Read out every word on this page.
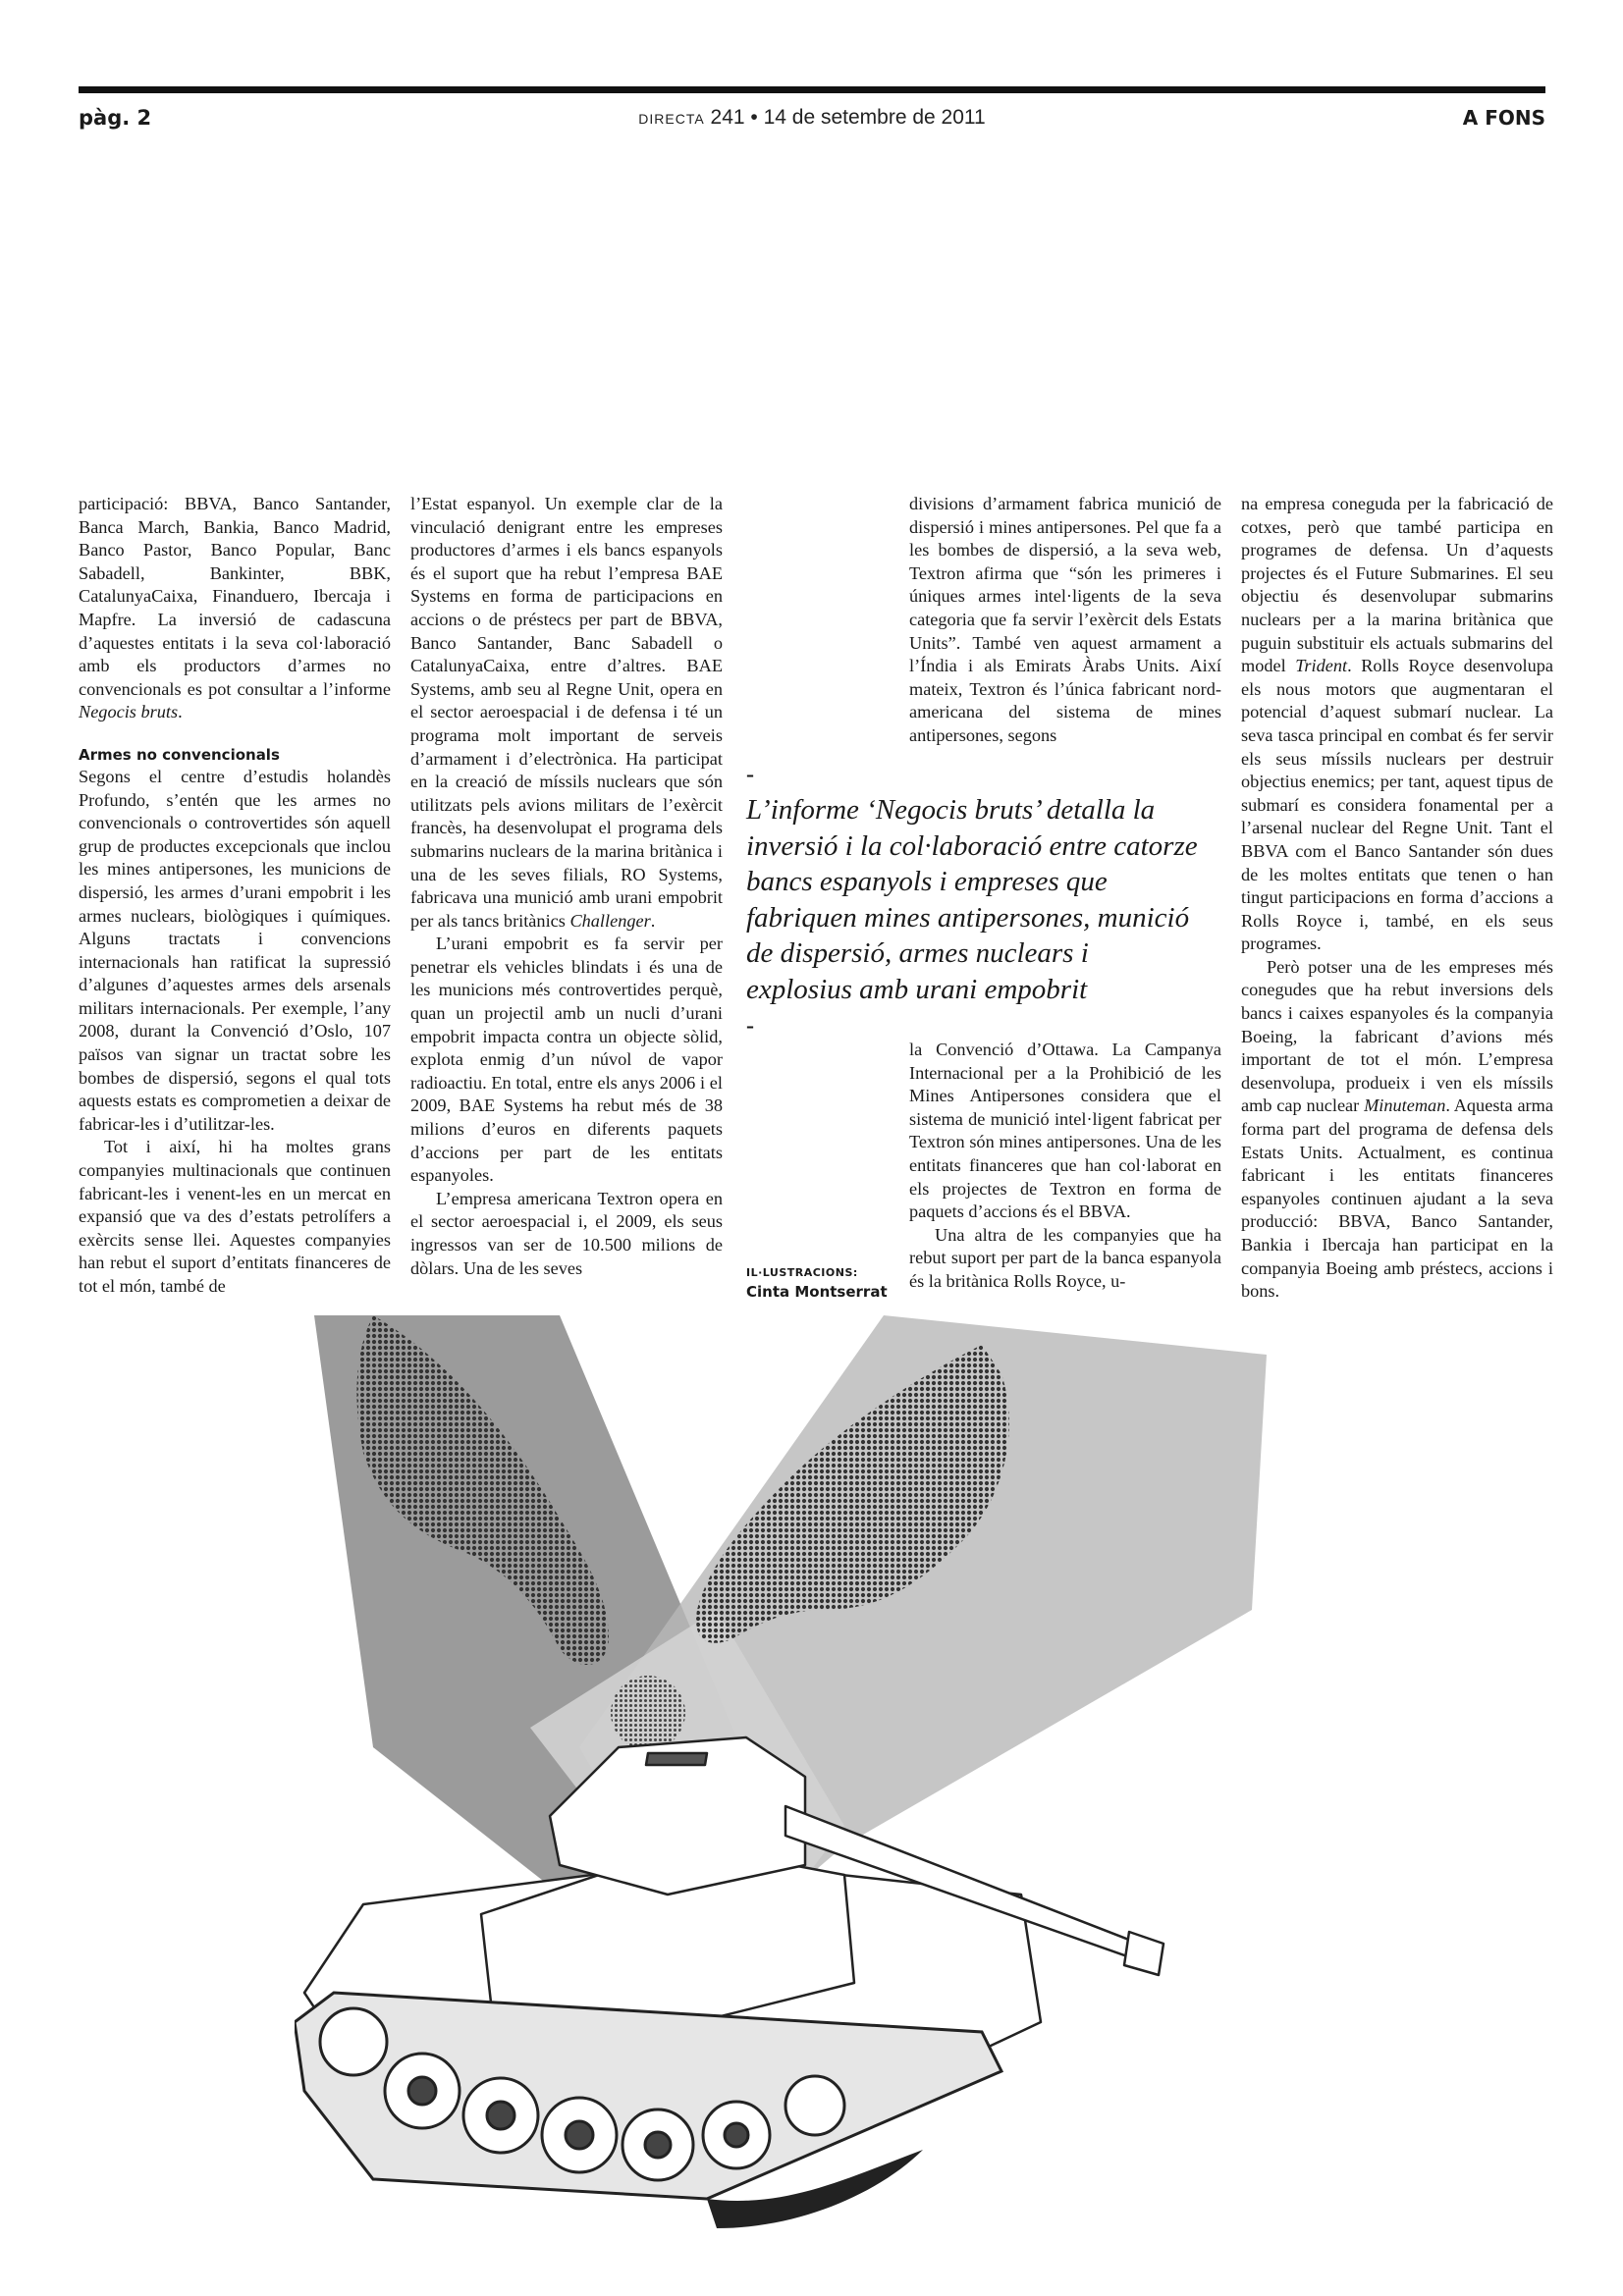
pàg. 2	DIRECTA 241 • 14 de setembre de 2011	A FONS

participació: BBVA, Banco Santander, Banca March, Bankia, Banco Madrid, Banco Pastor, Banco Popular, Banc Sabadell, Bankinter, BBK, CatalunyaCaixa, Finanduero, Ibercaja i Mapfre. La inversió de cadascuna d’aquestes entitats i la seva col·laboració amb els productors d’armes no convencionals es pot consultar a l’informe Negocis bruts.

Armes no convencionals

Segons el centre d’estudis holandès Profundo, s’entén que les armes no convencionals o controvertides són aquell grup de productes excepcionals que inclou les mines antipersones, les municions de dispersió, les armes d’urani empobrit i les armes nuclears, biològiques i químiques. Alguns tractats i convencions internacionals han ratificat la supressió d’algunes d’aquestes armes dels arsenals militars internacionals. Per exemple, l’any 2008, durant la Convenció d’Oslo, 107 països van signar un tractat sobre les bombes de dispersió, segons el qual tots aquests estats es comprometien a deixar de fabricar-les i d’utilitzar-les.

Tot i així, hi ha moltes grans companyies multinacionals que continuen fabricant-les i venent-les en un mercat en expansió que va des d’estats petrolífers a exèrcits sense llei. Aquestes companyies han rebut el suport d’entitats financeres de tot el món, també de

l’Estat espanyol. Un exemple clar de la vinculació denigrant entre les empreses productores d’armes i els bancs espanyols és el suport que ha rebut l’empresa BAE Systems en forma de participacions en accions o de préstecs per part de BBVA, Banco Santander, Banc Sabadell o CatalunyaCaixa, entre d’altres. BAE Systems, amb seu al Regne Unit, opera en el sector aeroespacial i de defensa i té un programa molt important de serveis d’armament i d’electrònica. Ha participat en la creació de míssils nuclears que són utilitzats pels avions militars de l’exèrcit francès, ha desenvolupat el programa dels submarins nuclears de la marina britànica i una de les seves filials, RO Systems, fabricava una munició amb urani empobrit per als tancs britànics Challenger.

L’urani empobrit es fa servir per penetrar els vehicles blindats i és una de les municions més controvertides perquè, quan un projectil amb un nucli d’urani empobrit impacta contra un objecte sòlid, explota enmig d’un núvol de vapor radioactiu. En total, entre els anys 2006 i el 2009, BAE Systems ha rebut més de 38 milions d’euros en diferents paquets d’accions per part de les entitats espanyoles.

L’empresa americana Textron opera en el sector aeroespacial i, el 2009, els seus ingressos van ser de 10.500 milions de dòlars. Una de les seves

divisions d’armament fabrica munició de dispersió i mines antipersones. Pel que fa a les bombes de dispersió, a la seva web, Textron afirma que “són les primeres i úniques armes intel·ligents de la seva categoria que fa servir l’exèrcit dels Estats Units”. També ven aquest armament a l’Índia i als Emirats Àrabs Units. Així mateix, Textron és l’única fabricant nord-americana del sistema de mines antipersones, segons

–
L’informe ‘Negocis bruts’ detalla la inversió i la col·laboració entre catorze bancs espanyols i empreses que fabriquen mines antipersones, munició de dispersió, armes nuclears i explosius amb urani empobrit
–

la Convenció d’Ottawa. La Campanya Internacional per a la Prohibició de les Mines Antipersones considera que el sistema de munició intel·ligent fabricat per Textron són mines antipersones. Una de les entitats financeres que han col·laborat en els projectes de Textron en forma de paquets d’accions és el BBVA.

Una altra de les companyies que ha rebut suport per part de la banca espanyola és la britànica Rolls Royce, u-

na empresa coneguda per la fabricació de cotxes, però que també participa en programes de defensa. Un d’aquests projectes és el Future Submarines. El seu objectiu és desenvolupar submarins nuclears per a la marina britànica que puguin substituir els actuals submarins del model Trident. Rolls Royce desenvolupa els nous motors que augmentaran el potencial d’aquest submarí nuclear. La seva tasca principal en combat és fer servir els seus míssils nuclears per destruir objectius enemics; per tant, aquest tipus de submarí es considera fonamental per a l’arsenal nuclear del Regne Unit. Tant el BBVA com el Banco Santander són dues de les moltes entitats que tenen o han tingut participacions en forma d’accions a Rolls Royce i, també, en els seus programes.

Però potser una de les empreses més conegudes que ha rebut inversions dels bancs i caixes espanyoles és la companyia Boeing, la fabricant d’avions més important de tot el món. L’empresa desenvolupa, produeix i ven els míssils amb cap nuclear Minuteman. Aquesta arma forma part del programa de defensa dels Estats Units. Actualment, es continua fabricant i les entitats financeres espanyoles continuen ajudant a la seva producció: BBVA, Banco Santander, Bankia i Ibercaja han participat en la companyia Boeing amb préstecs, accions i bons.

IL·LUSTRACIONS:
Cinta Montserrat
